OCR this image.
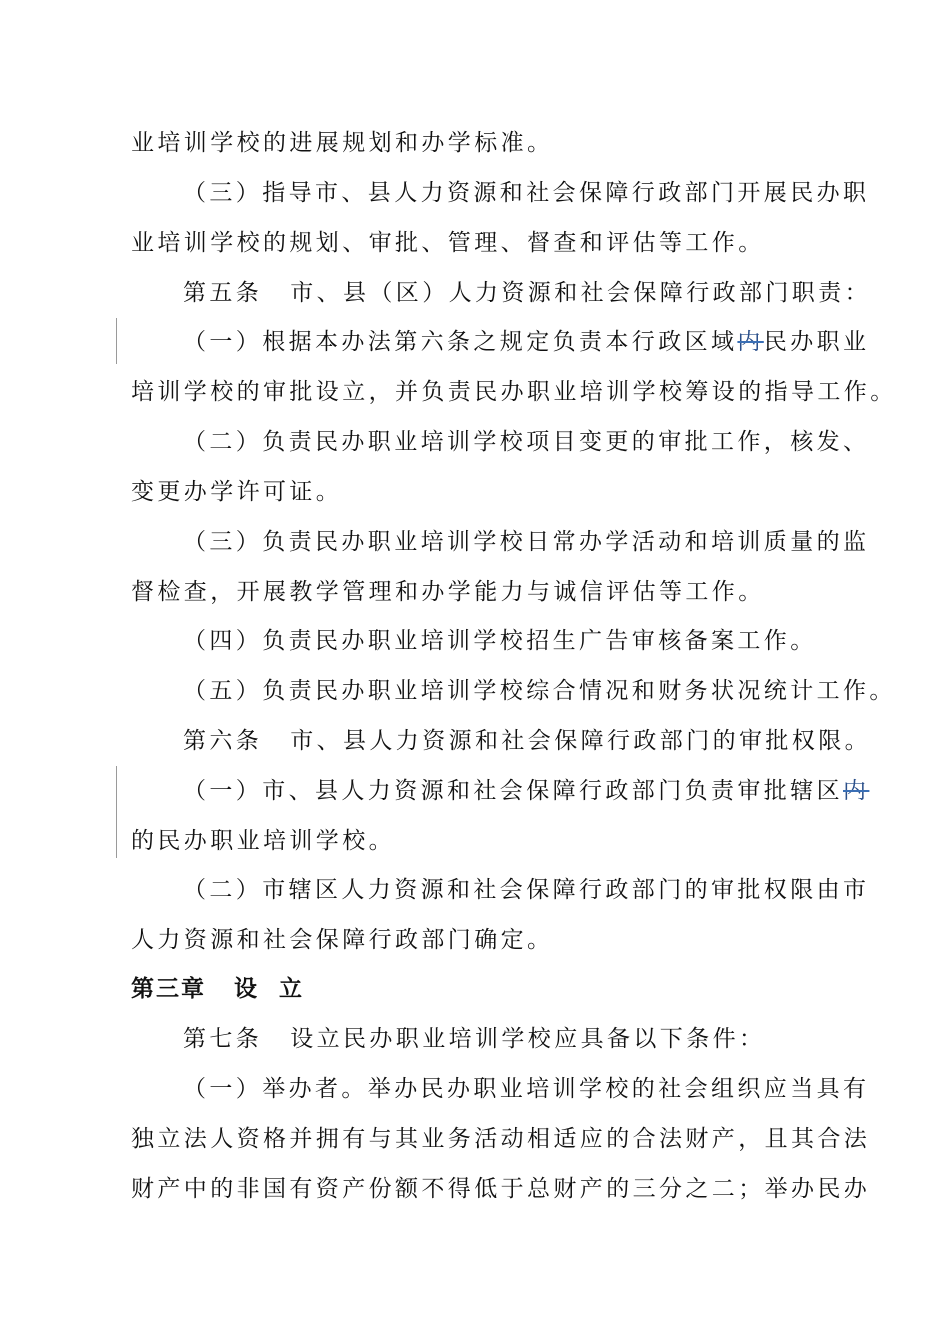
业培训学校的进展规划和办学标准。
（三）指导市、县人力资源和社会保障行政部门开展民办职
业培训学校的规划、审批、管理、督查和评估等工作。
第五条 市、县（区）人力资源和社会保障行政部门职责：
（一）根据本办法第六条之规定负责本行政区域内民办职业
培训学校的审批设立，并负责民办职业培训学校筹设的指导工作。
（二）负责民办职业培训学校项目变更的审批工作，核发、
变更办学许可证。
（三）负责民办职业培训学校日常办学活动和培训质量的监
督检查，开展教学管理和办学能力与诚信评估等工作。
（四）负责民办职业培训学校招生广告审核备案工作。
（五）负责民办职业培训学校综合情况和财务状况统计工作。
第六条 市、县人力资源和社会保障行政部门的审批权限。
（一）市、县人力资源和社会保障行政部门负责审批辖区内
的民办职业培训学校。
（二）市辖区人力资源和社会保障行政部门的审批权限由市
人力资源和社会保障行政部门确定。
第三章 设  立
第七条 设立民办职业培训学校应具备以下条件：
（一）举办者。举办民办职业培训学校的社会组织应当具有
独立法人资格并拥有与其业务活动相适应的合法财产，且其合法
财产中的非国有资产份额不得低于总财产的三分之二；举办民办
